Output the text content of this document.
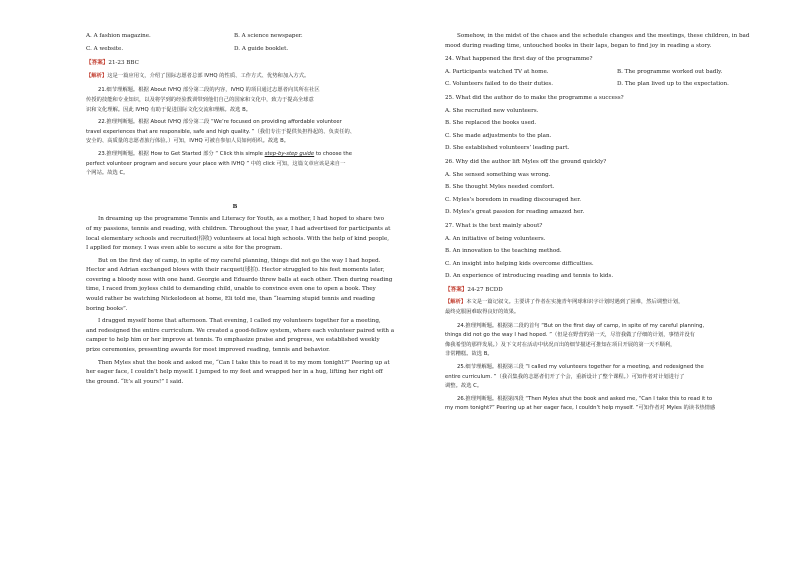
A. A fashion magazine.	B. A science newspaper.
C. A website.	D. A guide booklet.
【答案】21-23 BBC
【解析】这是一篇应用文，介绍了国际志愿者总部 IVHQ 的性质、工作方式、优势和加入方式。

21.细节理解题。根据 About IVHQ 部分第二段的内容，IVHQ 的项目通过志愿者向其所在社区

传授的技能和专业知识，以及将学到的经验教训带到他们自己的国家和文化中，致力于提高全球意

识和文化理解。因此 IVHQ 有助于促进国际文化交流和理解。故选 B。

22.推理判断题。根据 About IVHQ 部分第二段 “We’re focused on providing affordable volunteer

travel experiences that are responsible, safe and high quality. ”（我们专注于提供负担得起的、负责任的、

安全的、高质量的志愿者旅行体验。）可知，IVHQ 可被自参加人员如何组织。故选 B。

23.推理判断题。根据 How to Get Started 部分 “ Click this simple step-by-step guide to choose the

perfect volunteer program and secure your place with IVHQ ” 中的 click 可知，这篇文章应该是来自一

个网站。故选 C。

B

In dreaming up the programme Tennis and Literacy for Youth, as a mother, I had hoped to share two

of my passions, tennis and reading, with children. Throughout the year, I had advertised for participants at

local elementary schools and recruited(招收) volunteers at local high schools. With the help of kind people,

I applied for money. I was even able to secure a site for the program.

But on the first day of camp, in spite of my careful planning, things did not go the way I had hoped.

Hector and Adrian exchanged blows with their racquet(球拍). Hector struggled to his feet moments later,

covering a bloody nose with one hand. Georgie and Eduardo threw balls at each other. Then during reading

time, I raced from joyless child to demanding child, unable to convince even one to open a book. They

would rather be watching Nickelodeon at home, Eli told me, than “learning stupid tennis and reading

boring books”.

I dragged myself home that afternoon. That evening, I called my volunteers together for a meeting,

and redesigned the entire curriculum. We created a good-fellow system, where each volunteer paired with a

camper to help him or her improve at tennis. To emphasize praise and progress, we established weekly

prize ceremonies, presenting awards for most improved reading, tennis and behavior.

Then Myles shut the book and asked me, “Can I take this to read it to my mom tonight?” Peering up at

her eager face, I couldn’t help myself. I jumped to my feet and wrapped her in a hug, lifting her right off

the ground. “It’s all yours!” I said.

Somehow, in the midst of the chaos and the schedule changes and the meetings, these children, in bad

mood during reading time, untouched books in their laps, began to find joy in reading a story.

24. What happened the first day of the programme?

A. Participants watched TV at home.	B. The programme worked out badly.
C. Volunteers failed to do their duties.	D. The plan lived up to the expectation.

25. What did the author do to make the programme a success?

A. She recruited new volunteers.

B. She replaced the books used.

C. She made adjustments to the plan.

D. She established volunteers’ leading part.

26. Why did the author lift Myles off the ground quickly?

A. She sensed something was wrong.

B. She thought Myles needed comfort.

C. Myles’s boredom in reading discouraged her.

D. Myles’s great passion for reading amazed her.

27. What is the text mainly about?

A. An initiative of being volunteers.

B. An innovation to the teaching method.

C. An insight into helping kids overcome difficulties.

D. An experience of introducing reading and tennis to kids.

【答案】24-27 BCDD

【解析】本文是一篇记叙文。主要讲了作者在实施青年网球和识字计划时遇到了困难，然后调整计划，

最终克服困难取得良好的效果。

24.推理判断题。根据第二段的首句 “But on the first day of camp, in spite of my careful planning,

things did not go the way I had hoped. ”（但是在野营的第一天，尽管我做了仔细的计划，事情并没有

像我希望的那样发展。）及下文对在活动中状况百出的细节描述可推知在项目开展的第一天不顺利，

非常糟糕。故选 B。

25.细节理解题。根据第三段 “I called my volunteers together for a meeting, and redesigned the

entire curriculum. ”（我召集我的志愿者们开了个会，重新设计了整个课程。）可知作者对计划进行了

调整。故选 C。

26.推理判断题。根据第四段 “Then Myles shut the book and asked me, “Can I take this to read it to

my mom tonight?” Peering up at her eager face, I couldn’t help myself. ”可知作者对 Myles 的读书热情感
